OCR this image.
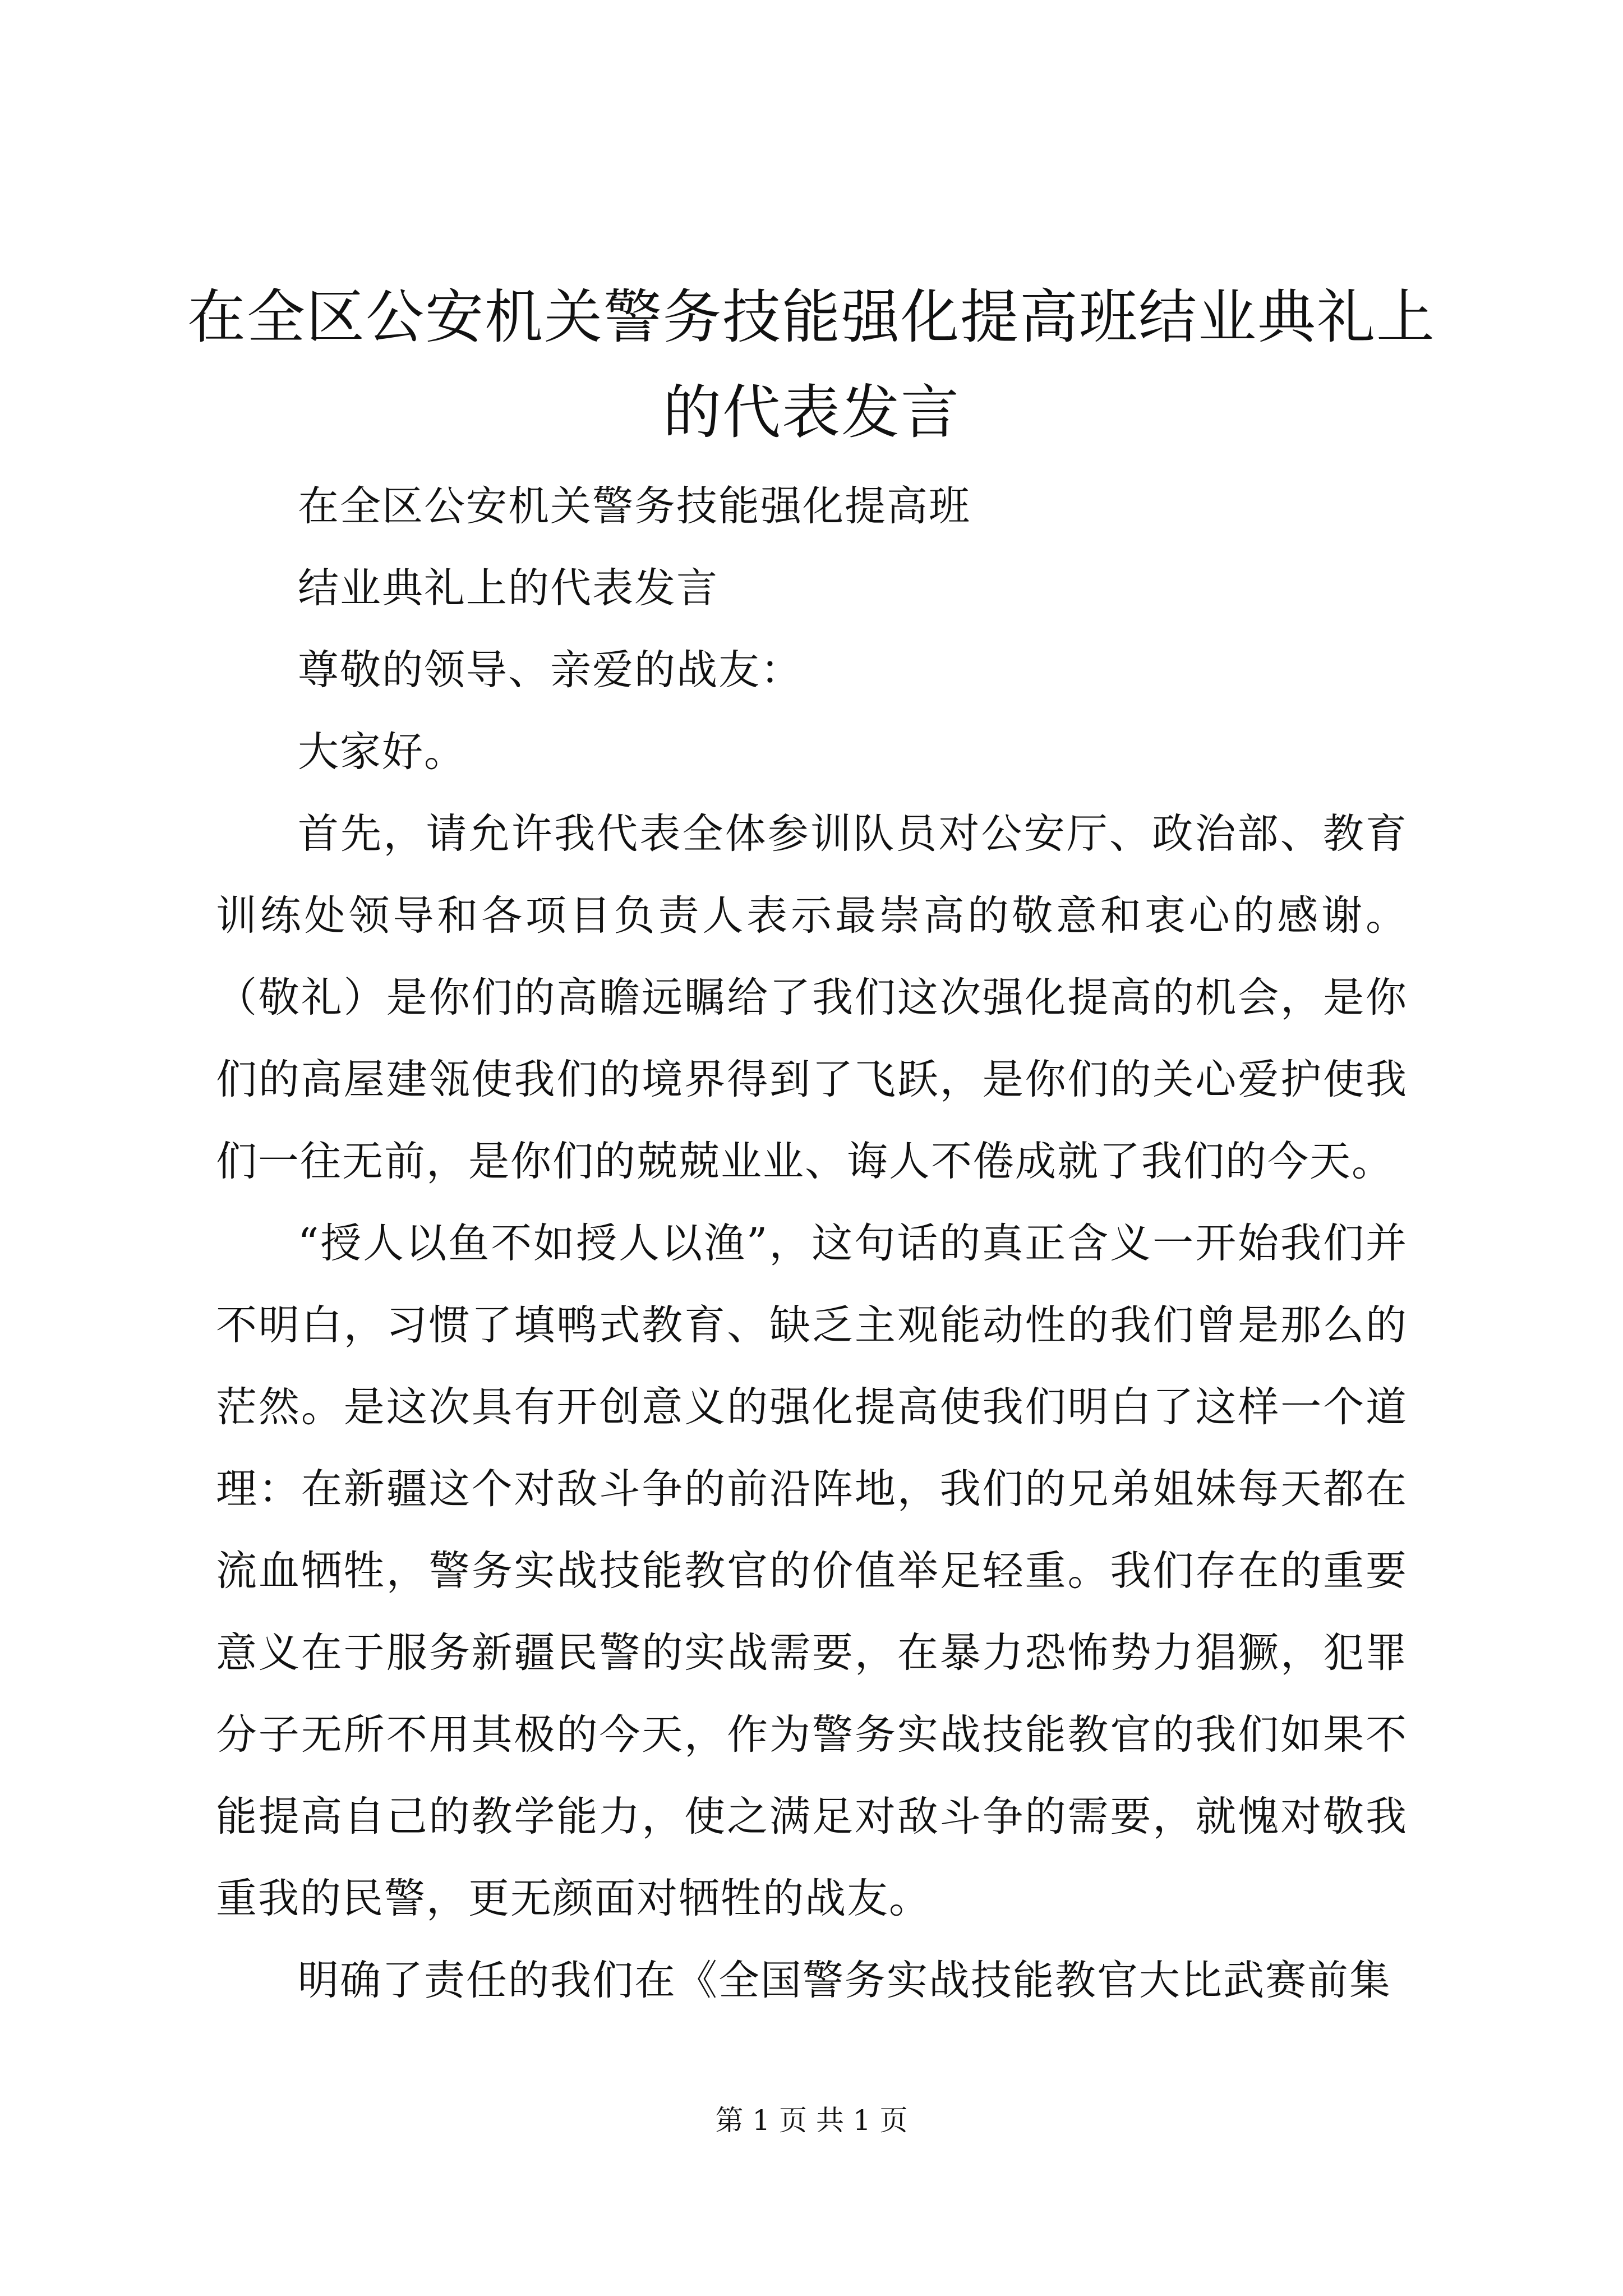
在全区公安机关警务技能强化提高班结业典礼上的代表发言

在全区公安机关警务技能强化提高班

结业典礼上的代表发言

尊敬的领导、亲爱的战友：

大家好。

首先，请允许我代表全体参训队员对公安厅、政治部、教育训练处领导和各项目负责人表示最崇高的敬意和衷心的感谢。（敬礼）是你们的高瞻远瞩给了我们这次强化提高的机会，是你们的高屋建瓴使我们的境界得到了飞跃，是你们的关心爱护使我们一往无前，是你们的兢兢业业、诲人不倦成就了我们的今天。

“授人以鱼不如授人以渔”，这句话的真正含义一开始我们并不明白，习惯了填鸭式教育、缺乏主观能动性的我们曾是那么的茫然。是这次具有开创意义的强化提高使我们明白了这样一个道理：在新疆这个对敌斗争的前沿阵地，我们的兄弟姐妹每天都在流血牺牲，警务实战技能教官的价值举足轻重。我们存在的重要意义在于服务新疆民警的实战需要，在暴力恐怖势力猖獗，犯罪分子无所不用其极的今天，作为警务实战技能教官的我们如果不能提高自己的教学能力，使之满足对敌斗争的需要，就愧对敬我重我的民警，更无颜面对牺牲的战友。

明确了责任的我们在《全国警务实战技能教官大比武赛前集

第 1 页 共 1 页
